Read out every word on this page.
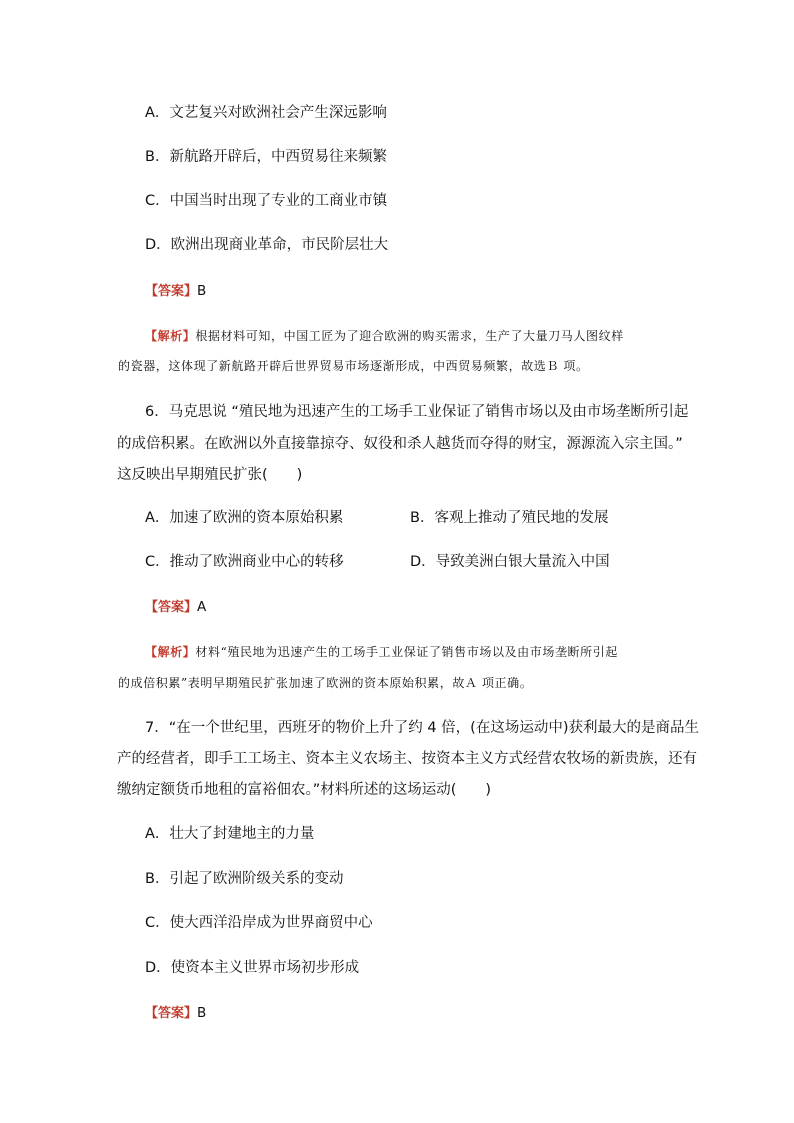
A．文艺复兴对欧洲社会产生深远影响
B．新航路开辟后，中西贸易往来频繁
C．中国当时出现了专业的工商业市镇
D．欧洲出现商业革命，市民阶层壮大
【答案】B
【解析】根据材料可知，中国工匠为了迎合欧洲的购买需求，生产了大量刀马人图纹样
的瓷器，这体现了新航路开辟后世界贸易市场逐渐形成，中西贸易频繁，故选Ｂ 项。
6．马克思说 “殖民地为迅速产生的工场手工业保证了销售市场以及由市场垄断所引起
的成倍积累。在欧洲以外直接靠掠夺、奴役和杀人越货而夺得的财宝，源源流入宗主国。”
这反映出早期殖民扩张(　　)
A．加速了欧洲的资本原始积累	B．客观上推动了殖民地的发展
C．推动了欧洲商业中心的转移	D．导致美洲白银大量流入中国
【答案】A
【解析】材料“殖民地为迅速产生的工场手工业保证了销售市场以及由市场垄断所引起
的成倍积累”表明早期殖民扩张加速了欧洲的资本原始积累，故Ａ 项正确。
7．“在一个世纪里，西班牙的物价上升了约 4 倍，(在这场运动中)获利最大的是商品生
产的经营者，即手工工场主、资本主义农场主、按资本主义方式经营农牧场的新贵族，还有
缴纳定额货币地租的富裕佃农。”材料所述的这场运动(　　)
A．壮大了封建地主的力量
B．引起了欧洲阶级关系的变动
C．使大西洋沿岸成为世界商贸中心
D．使资本主义世界市场初步形成
【答案】B
